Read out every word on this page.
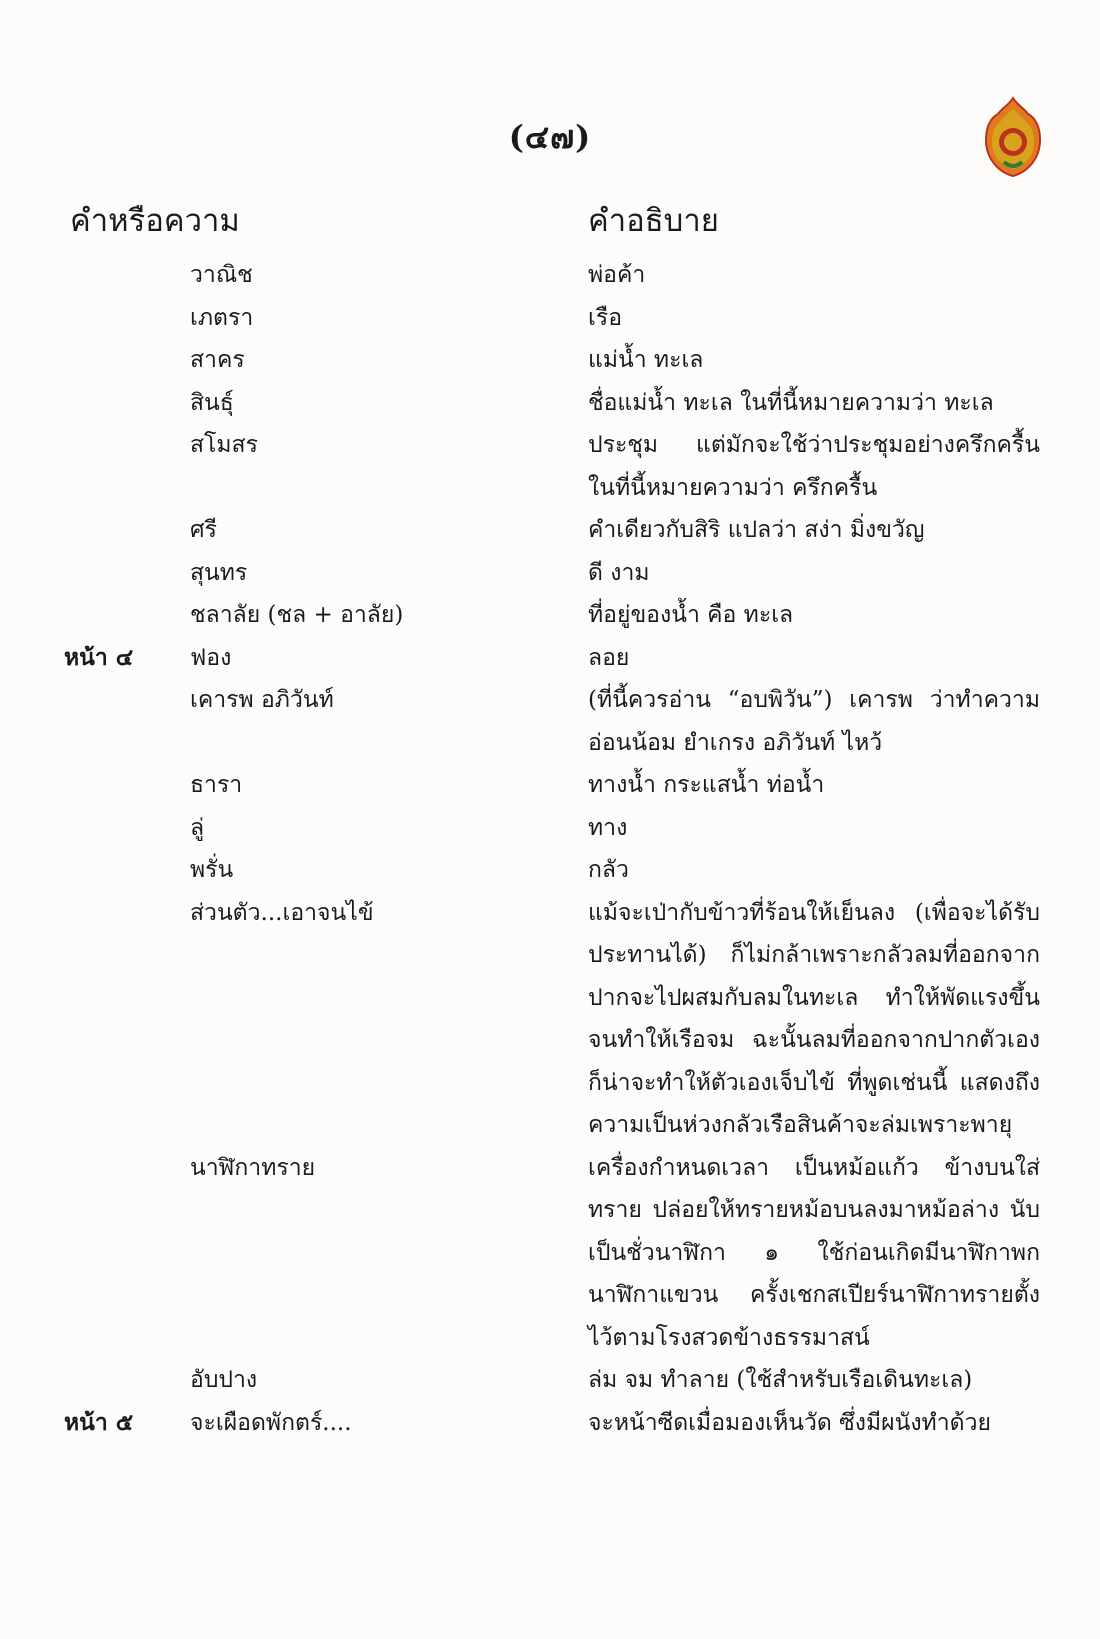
(๔๗)
คำหรือความ	คำอธิบาย
วาณิช	พ่อค้า
เภตรา	เรือ
สาคร	แม่น้ำ ทะเล
สินธุ์	ชื่อแม่น้ำ ทะเล ในที่นี้หมายความว่า ทะเล
สโมสร	ประชุม แต่มักจะใช้ว่าประชุมอย่างครึกครื้น ในที่นี้หมายความว่า ครึกครื้น
ศรี	คำเดียวกับสิริ แปลว่า สง่า มิ่งขวัญ
สุนทร	ดี งาม
ชลาลัย (ชล + อาลัย)	ที่อยู่ของน้ำ คือ ทะเล
หน้า ๔	ฟอง	ลอย
เคารพ อภิวันท์	(ที่นี้ควรอ่าน “อบพิวัน”) เคารพ ว่าทำความอ่อนน้อม ยำเกรง อภิวันท์ ไหว้
ธารา	ทางน้ำ กระแสน้ำ ท่อน้ำ
ลู่	ทาง
พรั่น	กลัว
ส่วนตัว...เอาจนไข้	แม้จะเป่ากับข้าวที่ร้อนให้เย็นลง (เพื่อจะได้รับประทานได้) ก็ไม่กล้าเพราะกลัวลมที่ออกจากปากจะไปผสมกับลมในทะเล ทำให้พัดแรงขึ้นจนทำให้เรือจม ฉะนั้นลมที่ออกจากปากตัวเองก็น่าจะทำให้ตัวเองเจ็บไข้ ที่พูดเช่นนี้ แสดงถึงความเป็นห่วงกลัวเรือสินค้าจะล่มเพราะพายุ
นาฬิกาทราย	เครื่องกำหนดเวลา เป็นหม้อแก้ว ข้างบนใส่ทราย ปล่อยให้ทรายหม้อบนลงมาหม้อล่าง นับเป็นชั่วนาฬิกา ๑ ใช้ก่อนเกิดมีนาฬิกาพกนาฬิกาแขวน ครั้งเชกสเปียร์นาฬิกาทรายตั้งไว้ตามโรงสวดข้างธรรมาสน์
อับปาง	ล่ม จม ทำลาย (ใช้สำหรับเรือเดินทะเล)
หน้า ๕	จะเผือดพักตร์....	จะหน้าซีดเมื่อมองเห็นวัด ซึ่งมีผนังทำด้วย
